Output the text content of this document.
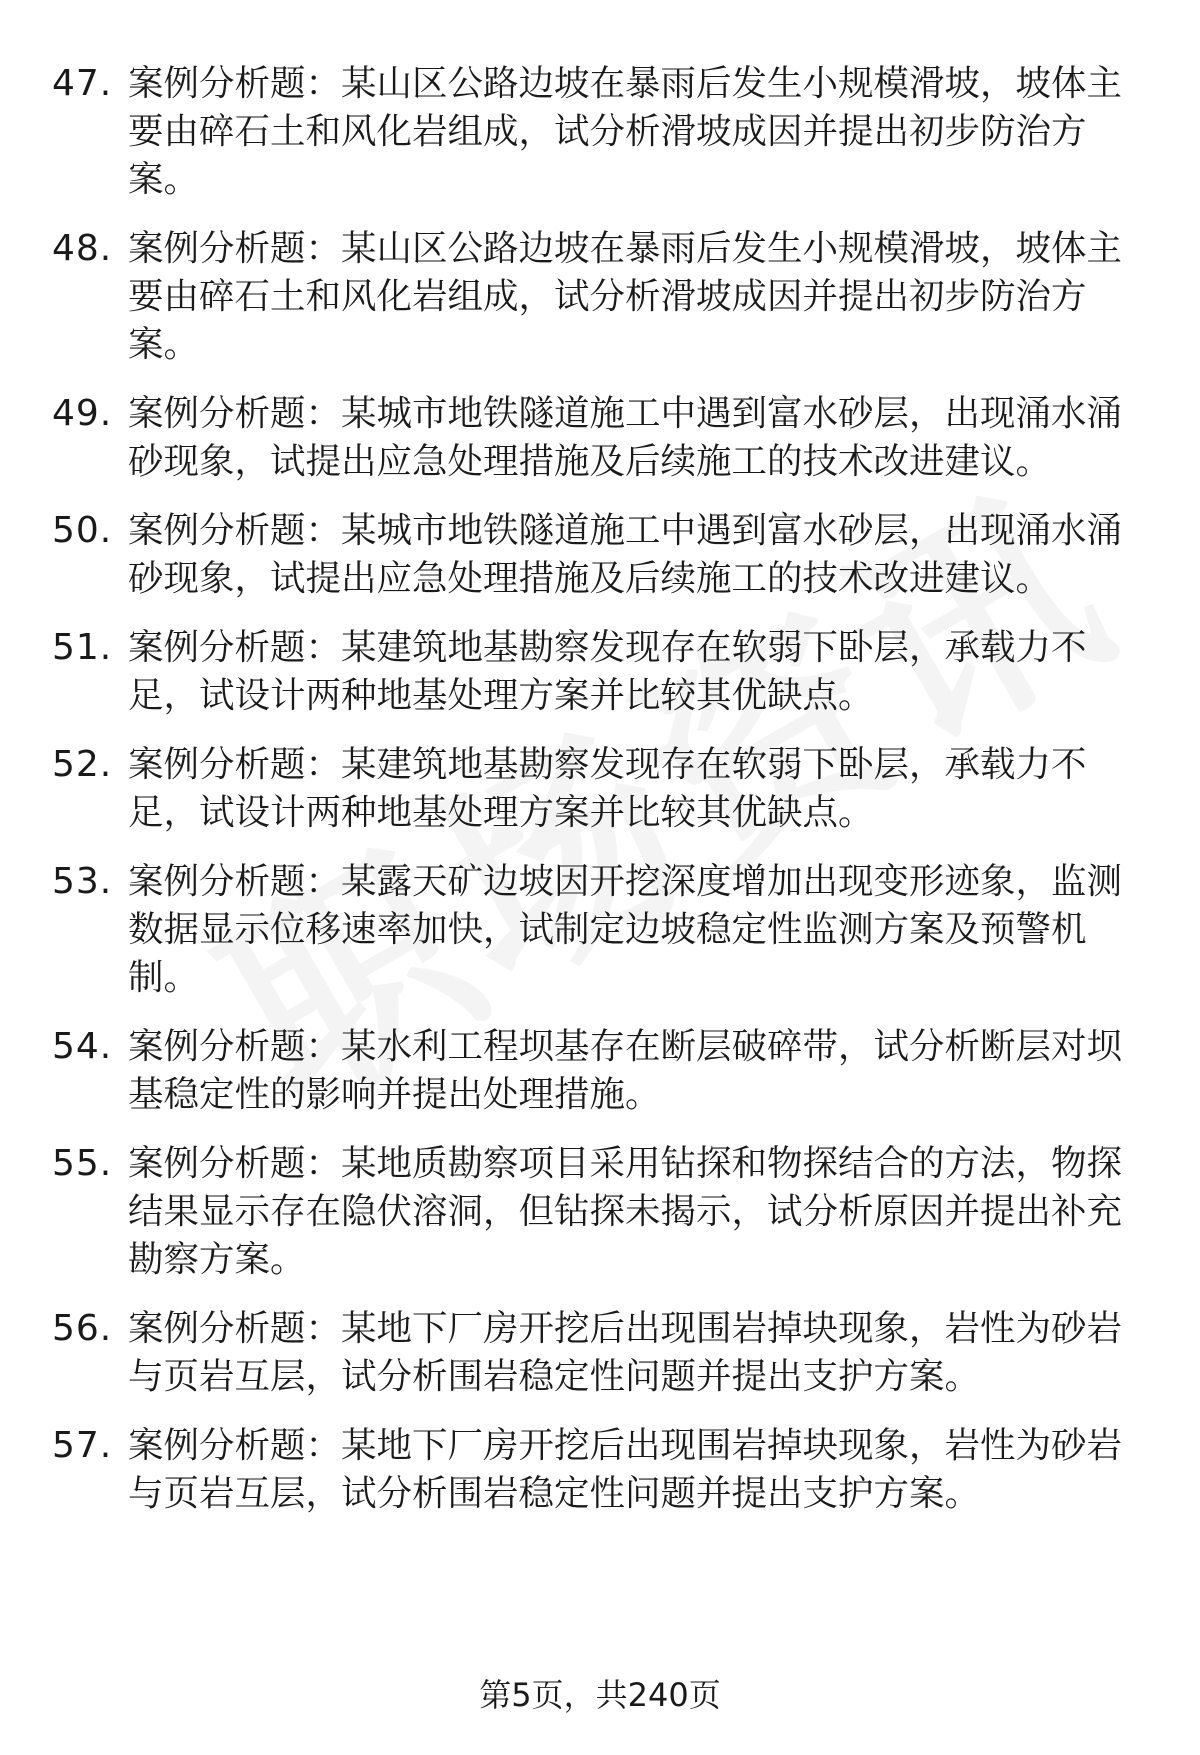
47. 案例分析题：某山区公路边坡在暴雨后发生小规模滑坡，坡体主要由碎石土和风化岩组成，试分析滑坡成因并提出初步防治方案。
48. 案例分析题：某山区公路边坡在暴雨后发生小规模滑坡，坡体主要由碎石土和风化岩组成，试分析滑坡成因并提出初步防治方案。
49. 案例分析题：某城市地铁隧道施工中遇到富水砂层，出现涌水涌砂现象，试提出应急处理措施及后续施工的技术改进建议。
50. 案例分析题：某城市地铁隧道施工中遇到富水砂层，出现涌水涌砂现象，试提出应急处理措施及后续施工的技术改进建议。
51. 案例分析题：某建筑地基勘察发现存在软弱下卧层，承载力不足，试设计两种地基处理方案并比较其优缺点。
52. 案例分析题：某建筑地基勘察发现存在软弱下卧层，承载力不足，试设计两种地基处理方案并比较其优缺点。
53. 案例分析题：某露天矿边坡因开挖深度增加出现变形迹象，监测数据显示位移速率加快，试制定边坡稳定性监测方案及预警机制。
54. 案例分析题：某水利工程坝基存在断层破碎带，试分析断层对坝基稳定性的影响并提出处理措施。
55. 案例分析题：某地质勘察项目采用钻探和物探结合的方法，物探结果显示存在隐伏溶洞，但钻探未揭示，试分析原因并提出补充勘察方案。
56. 案例分析题：某地下厂房开挖后出现围岩掉块现象，岩性为砂岩与页岩互层，试分析围岩稳定性问题并提出支护方案。
57. 案例分析题：某地下厂房开挖后出现围岩掉块现象，岩性为砂岩与页岩互层，试分析围岩稳定性问题并提出支护方案。
第5页，共240页
